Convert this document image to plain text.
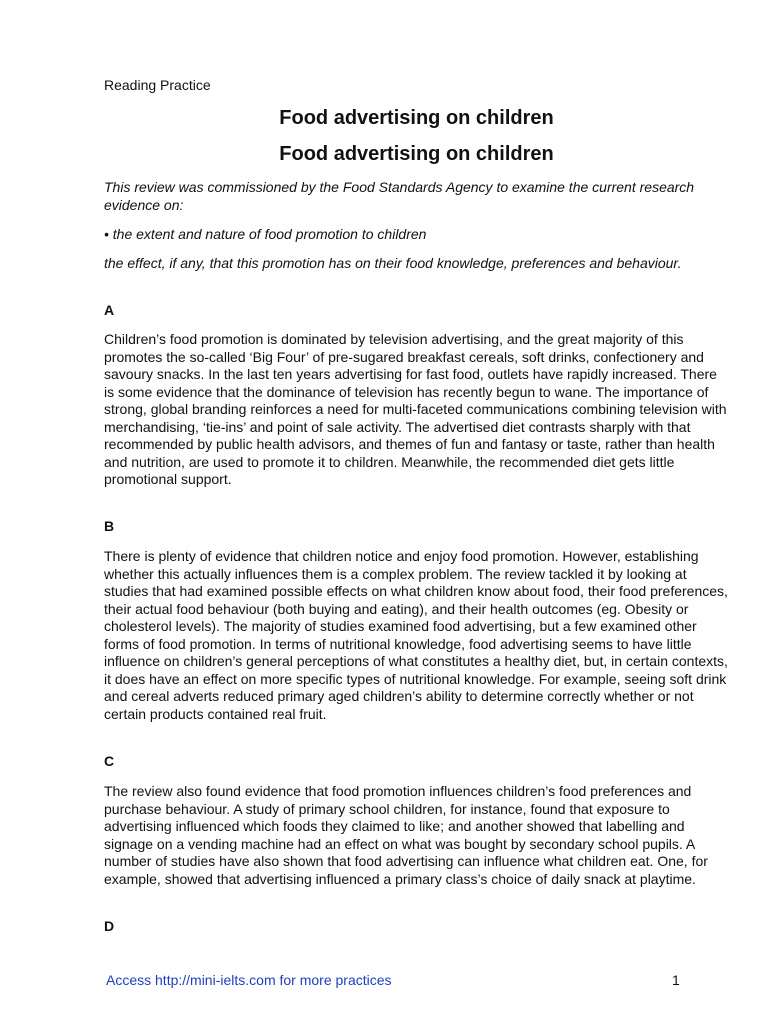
Reading Practice
Food advertising on children
Food advertising on children
This review was commissioned by the Food Standards Agency to examine the current research evidence on:
• the extent and nature of food promotion to children
the effect, if any, that this promotion has on their food knowledge, preferences and behaviour.
A
Children’s food promotion is dominated by television advertising, and the great majority of this promotes the so-called ‘Big Four’ of pre-sugared breakfast cereals, soft drinks, confectionery and savoury snacks. In the last ten years advertising for fast food, outlets have rapidly increased. There is some evidence that the dominance of television has recently begun to wane. The importance of strong, global branding reinforces a need for multi-faceted communications combining television with merchandising, ‘tie-ins’ and point of sale activity. The advertised diet contrasts sharply with that recommended by public health advisors, and themes of fun and fantasy or taste, rather than health and nutrition, are used to promote it to children. Meanwhile, the recommended diet gets little promotional support.
B
There is plenty of evidence that children notice and enjoy food promotion. However, establishing whether this actually influences them is a complex problem. The review tackled it by looking at studies that had examined possible effects on what children know about food, their food preferences, their actual food behaviour (both buying and eating), and their health outcomes (eg. Obesity or cholesterol levels). The majority of studies examined food advertising, but a few examined other forms of food promotion. In terms of nutritional knowledge, food advertising seems to have little influence on children’s general perceptions of what constitutes a healthy diet, but, in certain contexts, it does have an effect on more specific types of nutritional knowledge. For example, seeing soft drink and cereal adverts reduced primary aged children’s ability to determine correctly whether or not certain products contained real fruit.
C
The review also found evidence that food promotion influences children’s food preferences and purchase behaviour. A study of primary school children, for instance, found that exposure to advertising influenced which foods they claimed to like; and another showed that labelling and signage on a vending machine had an effect on what was bought by secondary school pupils. A number of studies have also shown that food advertising can influence what children eat. One, for example, showed that advertising influenced a primary class’s choice of daily snack at playtime.
D
Access http://mini-ielts.com for more practices	1
